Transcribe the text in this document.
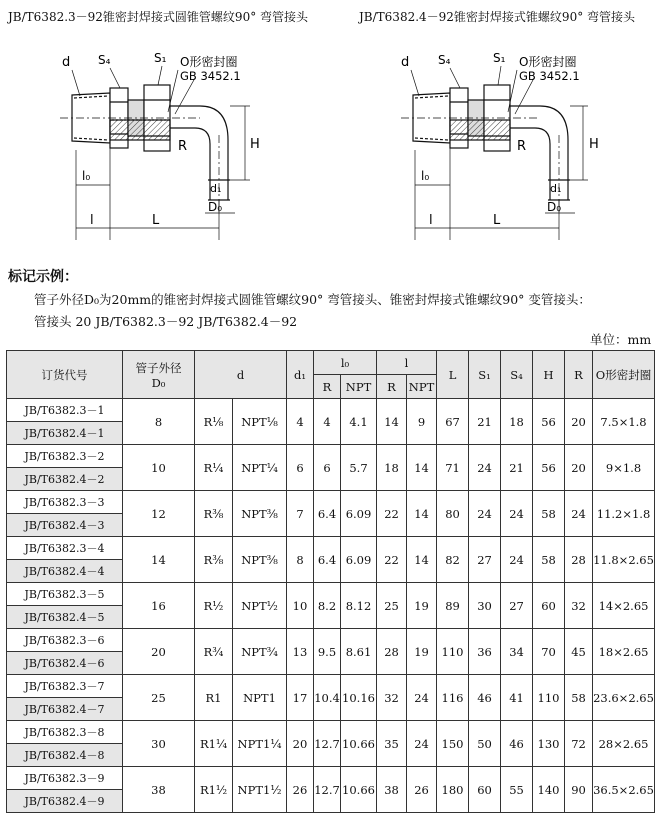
JB/T6382.3－92锥密封焊接式圆锥管螺纹90° 弯管接头	JB/T6382.4－92锥密封焊接式锥螺纹90° 弯管接头
d S₄	S₁ O形密封圈
GB 3452.1
R	H
l₀
d₁
D₀
l	L
d S₄	S₁ O形密封圈
GB 3452.1
R	H
l₀
d₁
D₀
l	L
标记示例：
管子外径D₀为20mm的锥密封焊接式圆锥管螺纹90° 弯管接头、锥密封焊接式锥螺纹90° 变管接头：
管接头 20 JB/T6382.3－92 JB/T6382.4－92
单位：mm
订货代号	管子外径
D₀	d		d₁	l₀		l		L	S₁	S₄	H	R	O形密封圈
					R	NPT	R	NPT						
JB/T6382.3－1	8	R¹⁄₈	NPT¹⁄₈	4	4	4.1	14	9	67	21	18	56	20	7.5×1.8
JB/T6382.4－1														
JB/T6382.3－2	10	R¹⁄₄	NPT¹⁄₄	6	6	5.7	18	14	71	24	21	56	20	9×1.8
JB/T6382.4－2														
JB/T6382.3－3	12	R³⁄₈	NPT³⁄₈	7	6.4	6.09	22	14	80	24	24	58	24	11.2×1.8
JB/T6382.4－3														
JB/T6382.3－4	14	R³⁄₈	NPT³⁄₈	8	6.4	6.09	22	14	82	27	24	58	28	11.8×2.65
JB/T6382.4－4														
JB/T6382.3－5	16	R¹⁄₂	NPT¹⁄₂	10	8.2	8.12	25	19	89	30	27	60	32	14×2.65
JB/T6382.4－5														
JB/T6382.3－6	20	R³⁄₄	NPT³⁄₄	13	9.5	8.61	28	19	110	36	34	70	45	18×2.65
JB/T6382.4－6														
JB/T6382.3－7	25	R1	NPT1	17	10.4	10.16	32	24	116	46	41	110	58	23.6×2.65
JB/T6382.4－7														
JB/T6382.3－8	30	R1¹⁄₄	NPT1¹⁄₄	20	12.7	10.66	35	24	150	50	46	130	72	28×2.65
JB/T6382.4－8														
JB/T6382.3－9	38	R1¹⁄₂	NPT1¹⁄₂	26	12.7	10.66	38	26	180	60	55	140	90	36.5×2.65
JB/T6382.4－9														
